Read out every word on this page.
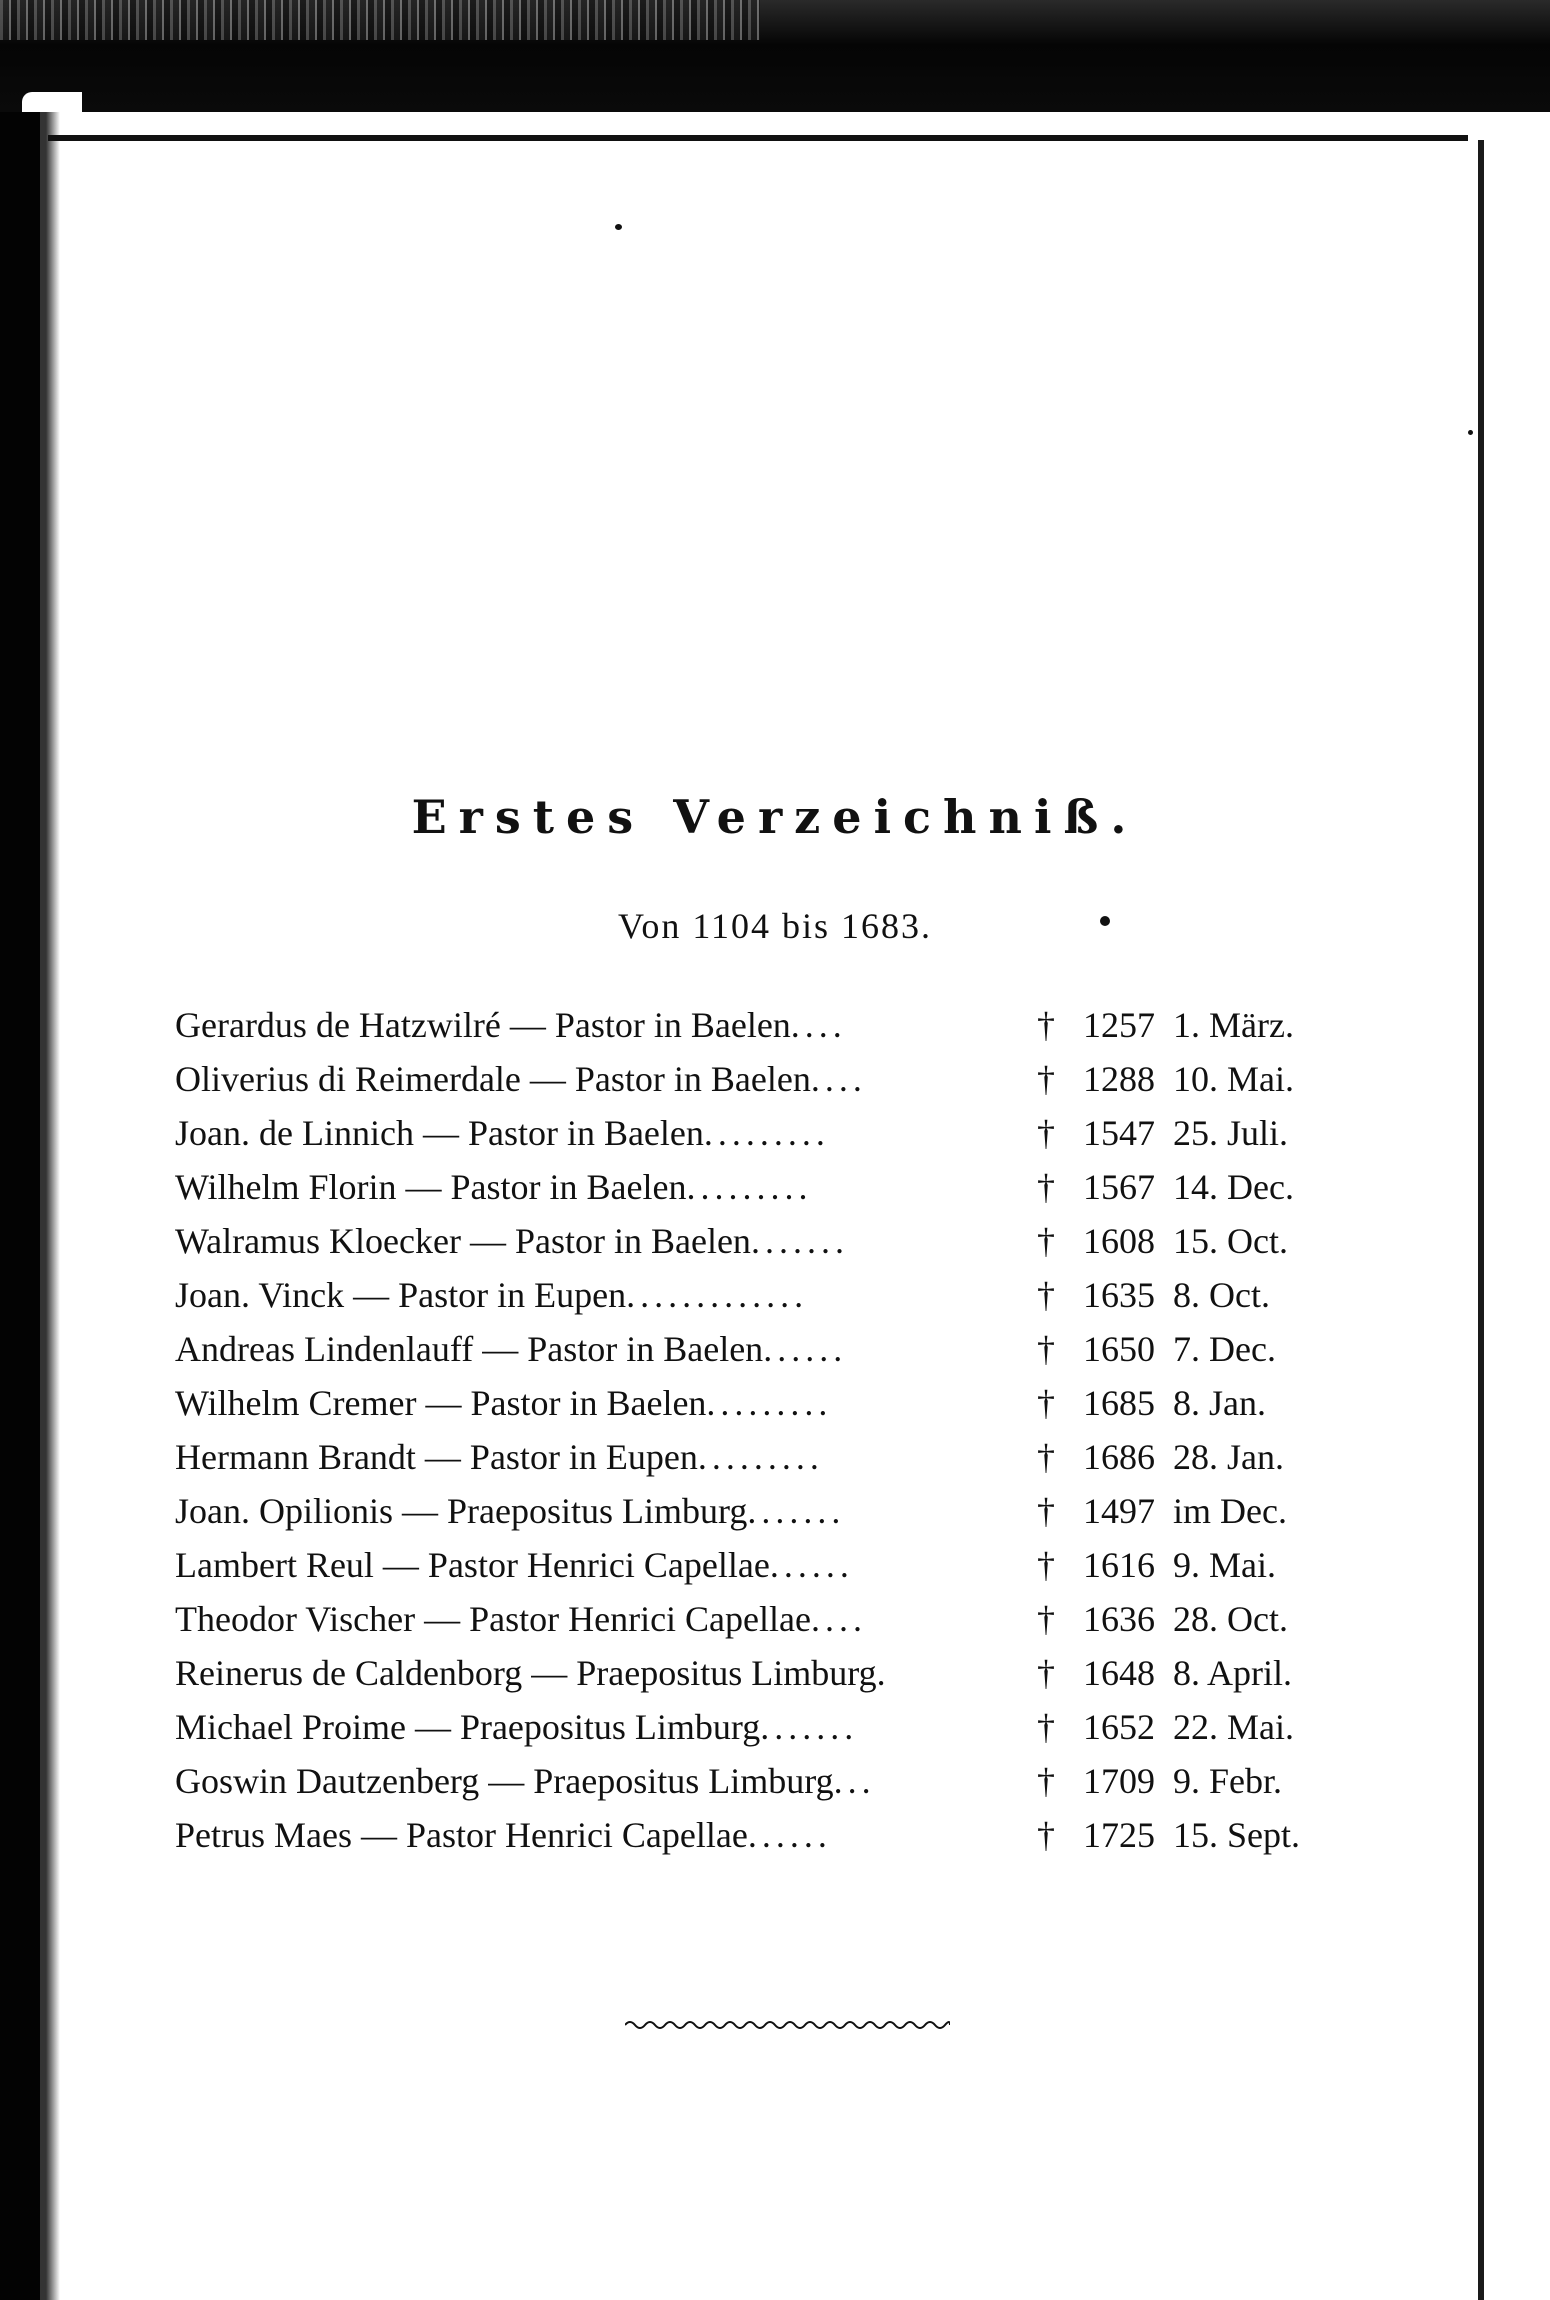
Erstes Verzeichniß.
Von 1104 bis 1683.
Gerardus de Hatzwilré — Pastor in Baelen....	† 1257 1. März.
Oliverius di Reimerdale — Pastor in Baelen....	† 1288 10. Mai.
Joan. de Linnich — Pastor in Baelen.........	† 1547 25. Juli.
Wilhelm Florin — Pastor in Baelen.........	† 1567 14. Dec.
Walramus Kloecker — Pastor in Baelen.......	† 1608 15. Oct.
Joan. Vinck — Pastor in Eupen.............	† 1635 8. Oct.
Andreas Lindenlauff — Pastor in Baelen......	† 1650 7. Dec.
Wilhelm Cremer — Pastor in Baelen.........	† 1685 8. Jan.
Hermann Brandt — Pastor in Eupen.........	† 1686 28. Jan.
Joan. Opilionis — Praepositus Limburg.......	† 1497 im Dec.
Lambert Reul — Pastor Henrici Capellae......	† 1616 9. Mai.
Theodor Vischer — Pastor Henrici Capellae....	† 1636 28. Oct.
Reinerus de Caldenborg — Praepositus Limburg.	† 1648 8. April.
Michael Proime — Praepositus Limburg.......	† 1652 22. Mai.
Goswin Dautzenberg — Praepositus Limburg...	† 1709 9. Febr.
Petrus Maes — Pastor Henrici Capellae......	† 1725 15. Sept.
